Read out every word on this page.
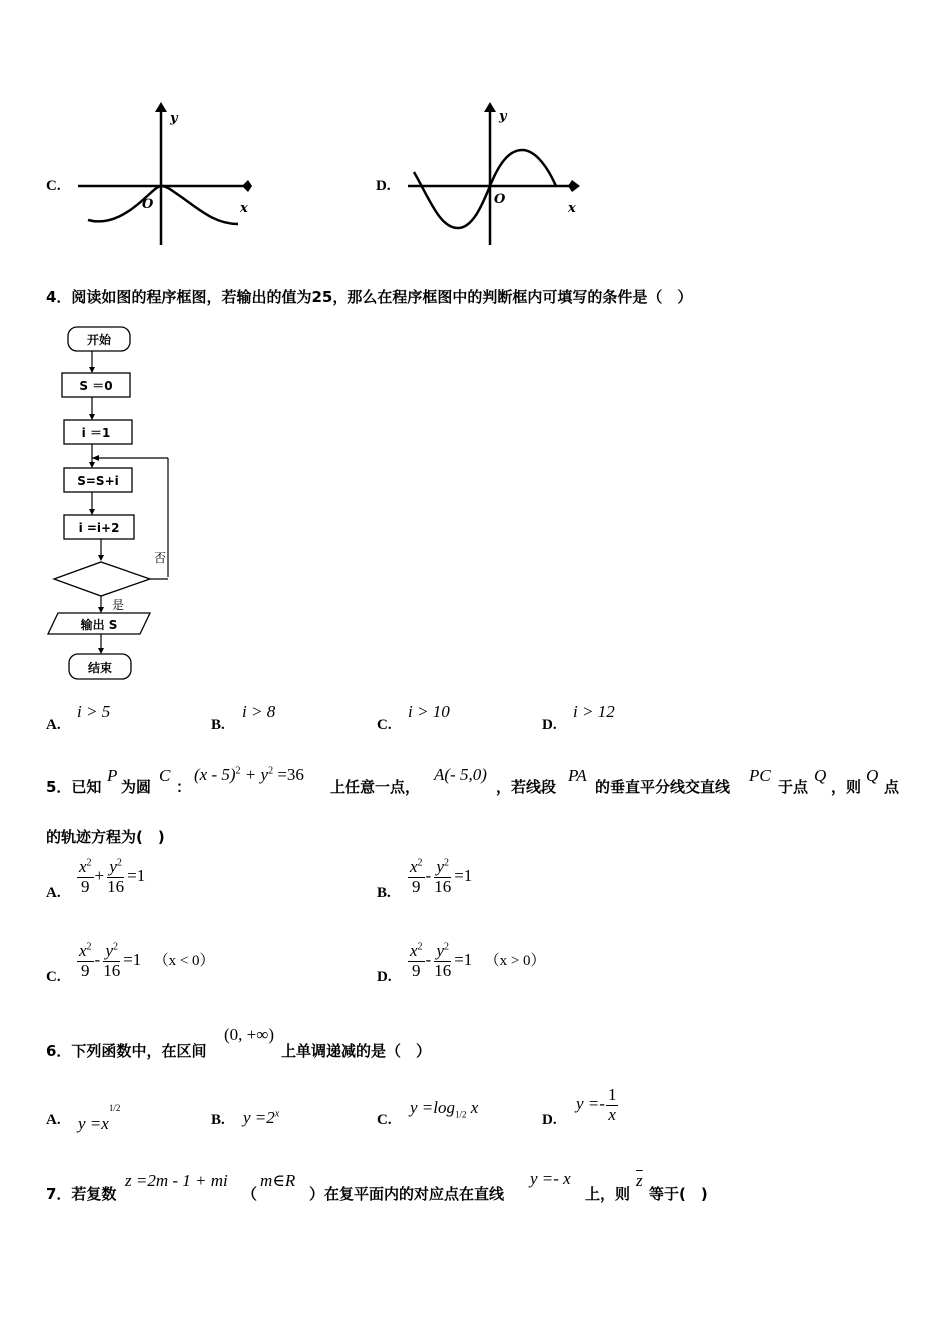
C.
y
O	x
D.
y
O
x
4．阅读如图的程序框图，若输出的值为25，那么在程序框图中的判断框内可填写的条件是（　）
开始
S ＝0
i ＝1
S=S+i
i =i+2
否
是
输出 S
结束
A.
i > 5
B.
i > 8
C.
i > 10
D.
i > 12
5．已知
P
为圆
C
：
$(x - 5)^2 + y^2 =36$
上任意一点，
A(- 5,0)
，若线段
PA
的垂直平分线交直线
PC
于点
Q
，则
Q
点
的轨迹方程为(　)
A. $\frac{x^2}{9} + \frac{y^2}{16} =1$
B. $\frac{x^2}{9} - \frac{y^2}{16} =1$
C. $\frac{x^2}{9} - \frac{y^2}{16} =1$ （x < 0）
D. $\frac{x^2}{9} - \frac{y^2}{16} =1$ （x > 0）
6．下列函数中，在区间
(0, +∞)
上单调递减的是（　）
A. $y =x^{1/2}$
B. $y =2^x$	C.
$y =\log_{1/2}$ x
D.
$y =- \frac{1}{x}$
7．若复数
z =2m - 1 + mi
（
m∈R
）在复平面内的对应点在直线
y =- x
上，则
$\overline{z}$
等于(　)
